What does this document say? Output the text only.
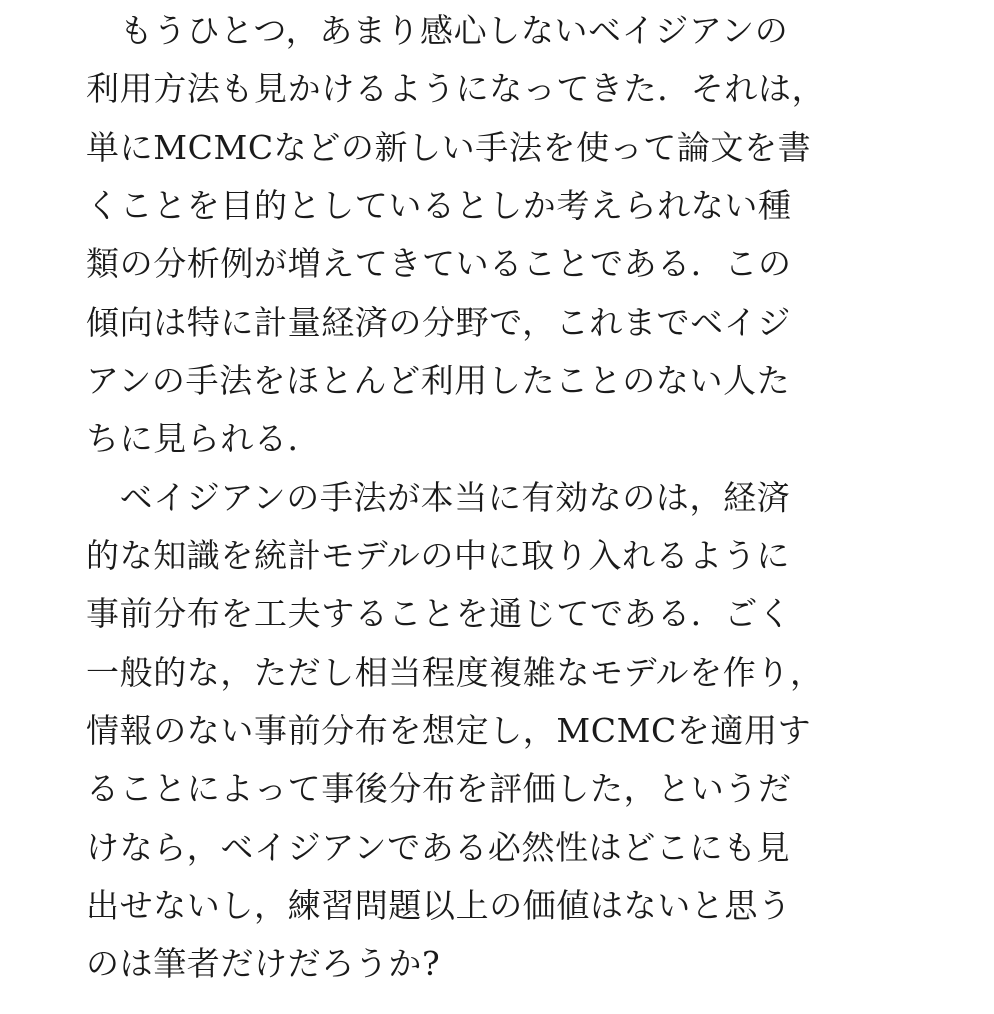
　もうひとつ，あまり感心しないベイジアンの
利用方法も見かけるようになってきた．それは，
単にMCMCなどの新しい手法を使って論文を書
くことを目的としているとしか考えられない種
類の分析例が増えてきていることである．この
傾向は特に計量経済の分野で，これまでベイジ
アンの手法をほとんど利用したことのない人た
ちに見られる．
　ベイジアンの手法が本当に有効なのは，経済
的な知識を統計モデルの中に取り入れるように
事前分布を工夫することを通じてである．ごく
一般的な，ただし相当程度複雑なモデルを作り，
情報のない事前分布を想定し，MCMCを適用す
ることによって事後分布を評価した，というだ
けなら，ベイジアンである必然性はどこにも見
出せないし，練習問題以上の価値はないと思う
のは筆者だけだろうか?
